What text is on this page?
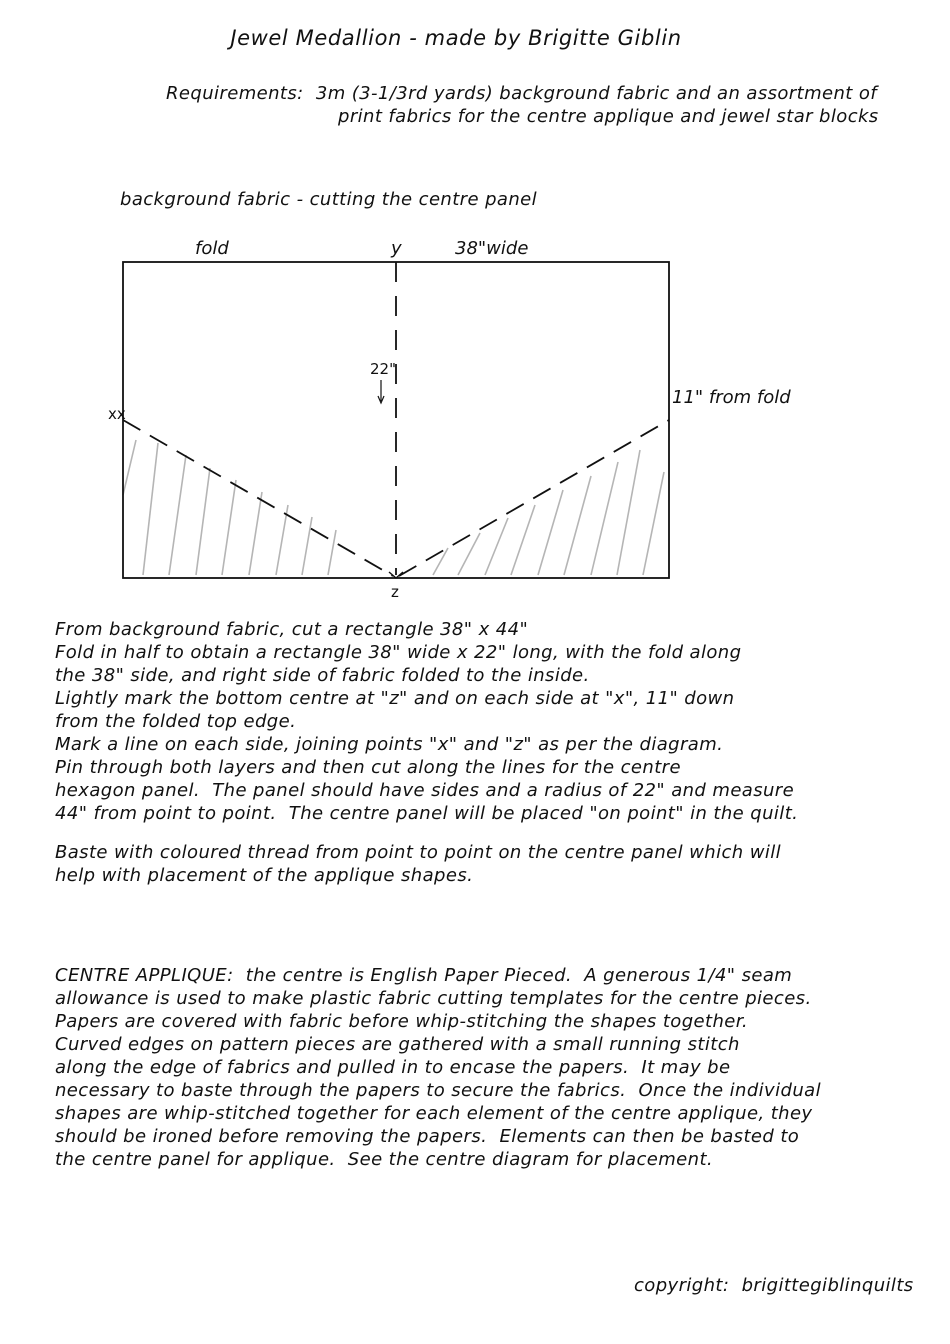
Jewel Medallion - made by Brigitte Giblin
Requirements:  3m (3-1/3rd yards) background fabric and an assortment of
print fabrics for the centre applique and jewel star blocks
background fabric - cutting the centre panel
fold	y	38"wide
22"
11" from fold
xx
z
From background fabric, cut a rectangle 38" x 44"
Fold in half to obtain a rectangle 38" wide x 22" long, with the fold along
the 38" side, and right side of fabric folded to the inside.
Lightly mark the bottom centre at "z" and on each side at "x", 11" down
from the folded top edge.
Mark a line on each side, joining points "x" and "z" as per the diagram.
Pin through both layers and then cut along the lines for the centre
hexagon panel.  The panel should have sides and a radius of 22" and measure
44" from point to point.  The centre panel will be placed "on point" in the quilt.
Baste with coloured thread from point to point on the centre panel which will
help with placement of the applique shapes.
CENTRE APPLIQUE:  the centre is English Paper Pieced.  A generous 1/4" seam
allowance is used to make plastic fabric cutting templates for the centre pieces.
Papers are covered with fabric before whip-stitching the shapes together.
Curved edges on pattern pieces are gathered with a small running stitch
along the edge of fabrics and pulled in to encase the papers.  It may be
necessary to baste through the papers to secure the fabrics.  Once the individual
shapes are whip-stitched together for each element of the centre applique, they
should be ironed before removing the papers.  Elements can then be basted to
the centre panel for applique.  See the centre diagram for placement.
copyright:  brigittegiblinquilts
